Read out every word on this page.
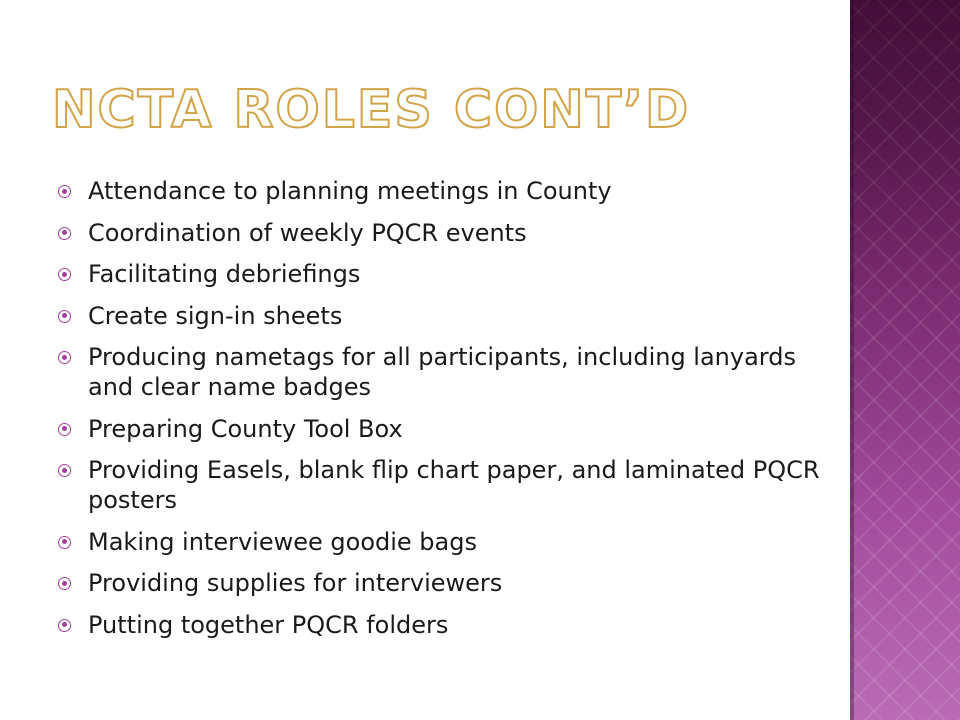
NCTA ROLES CONT’D
Attendance to planning meetings in County
Coordination of weekly PQCR events
Facilitating debriefings
Create sign-in sheets
Producing nametags for all participants, including lanyards and clear name badges
Preparing County Tool Box
Providing Easels, blank flip chart paper, and laminated PQCR posters
Making interviewee goodie bags
Providing supplies for interviewers
Putting together PQCR folders
